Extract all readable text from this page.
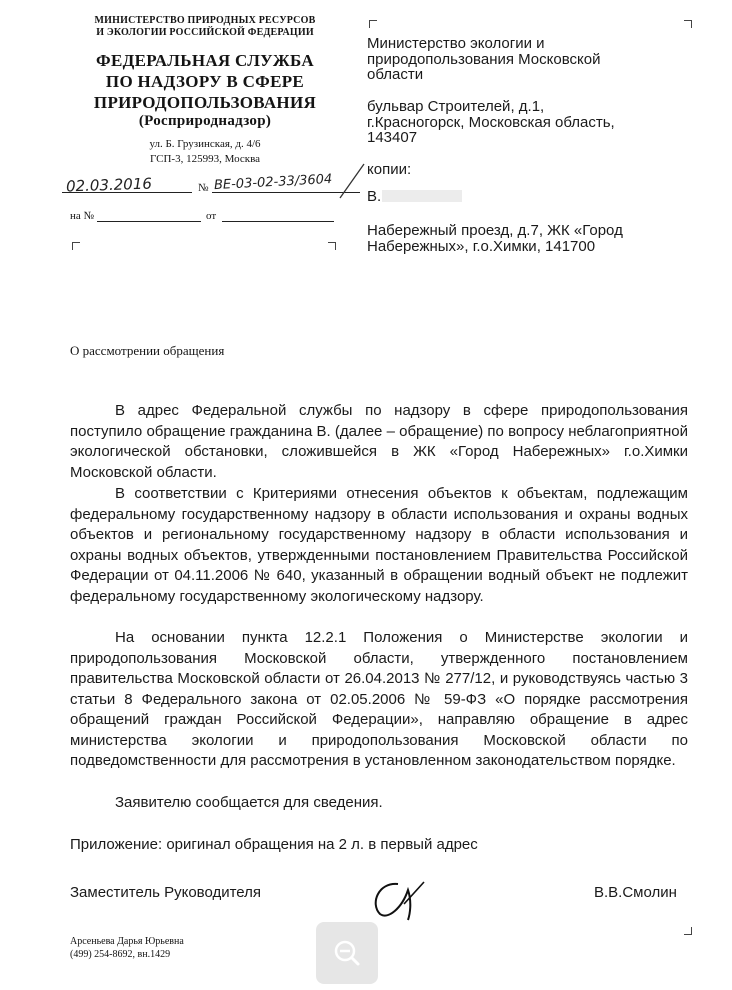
МИНИСТЕРСТВО ПРИРОДНЫХ РЕСУРСОВ
И ЭКОЛОГИИ РОССИЙСКОЙ ФЕДЕРАЦИИ
ФЕДЕРАЛЬНАЯ СЛУЖБА
ПО НАДЗОРУ В СФЕРЕ
ПРИРОДОПОЛЬЗОВАНИЯ
(Росприроднадзор)
ул. Б. Грузинская, д. 4/6
ГСП-3, 125993, Москва
02.03.2016	№ ВЕ-03-02-33/3604
на №	от
Министерство экологии и
природопользования Московской
области
бульвар Строителей, д.1,
г.Красногорск, Московская область,
143407
копии:
В.
Набережный проезд, д.7, ЖК «Город
Набережных», г.о.Химки, 141700
О рассмотрении обращения

В адрес Федеральной службы по надзору в сфере природопользования поступило обращение гражданина В. (далее – обращение) по вопросу неблагоприятной экологической обстановки, сложившейся в ЖК «Город Набережных» г.о.Химки Московской области.

В соответствии с Критериями отнесения объектов к объектам, подлежащим федеральному государственному надзору в области использования и охраны водных объектов и региональному государственному надзору в области использования и охраны водных объектов, утвержденными постановлением Правительства Российской Федерации от 04.11.2006 № 640, указанный в обращении водный объект не подлежит федеральному государственному экологическому надзору.

На основании пункта 12.2.1 Положения о Министерстве экологии и природопользования Московской области, утвержденного постановлением правительства Московской области от 26.04.2013 № 277/12, и руководствуясь частью 3 статьи 8 Федерального закона от 02.05.2006 № 59-ФЗ «О порядке рассмотрения обращений граждан Российской Федерации», направляю обращение в адрес министерства экологии и природопользования Московской области по подведомственности для рассмотрения в установленном законодательством порядке.

Заявителю сообщается для сведения.

Приложение: оригинал обращения на 2 л. в первый адрес
Заместитель Руководителя	В.В.Смолин
Арсеньева Дарья Юрьевна
(499) 254-8692, вн.1429
